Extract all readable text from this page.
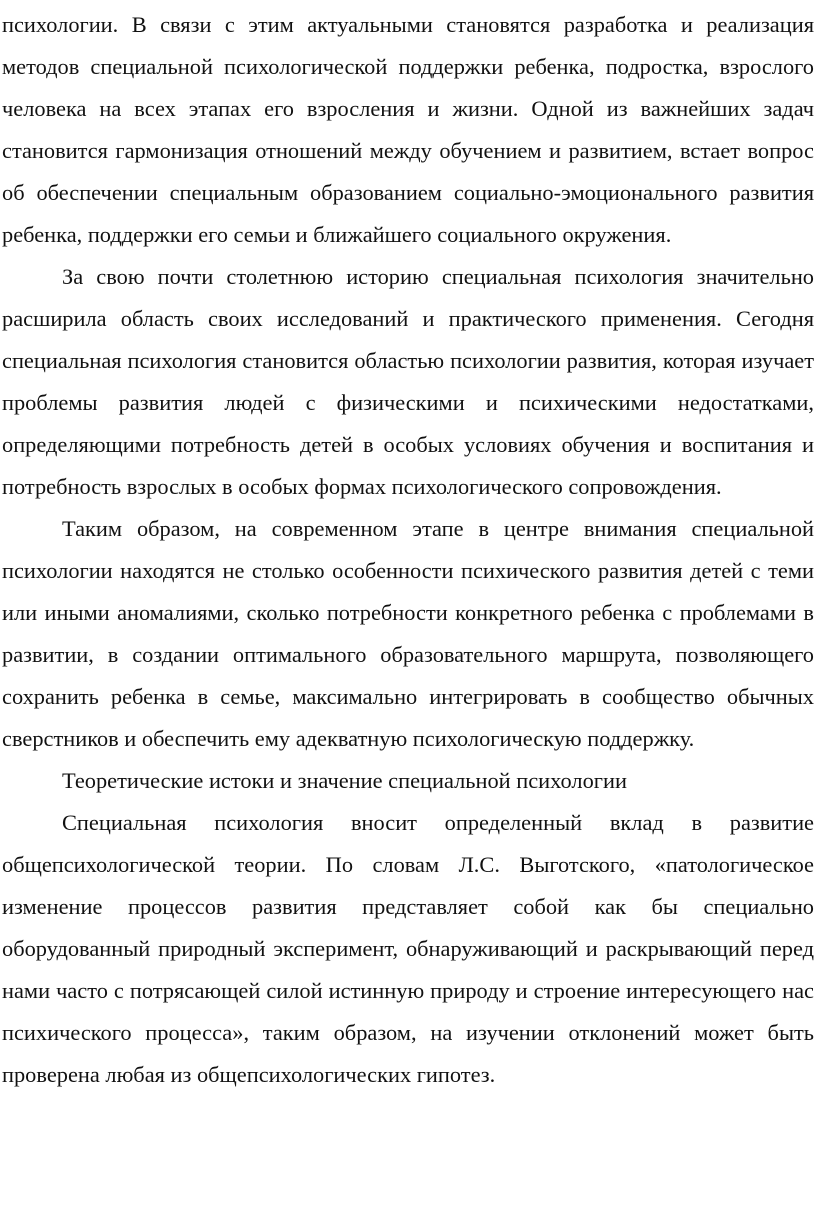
психологии. В связи с этим актуальными становятся разработка и реализация методов специальной психологической поддержки ребенка, подростка, взрослого человека на всех этапах его взросления и жизни. Одной из важнейших задач становится гармонизация отношений между обучением и развитием, встает вопрос об обеспечении специальным образованием социально-эмоционального развития ребенка, поддержки его семьи и ближайшего социального окружения.

За свою почти столетнюю историю специальная психология значительно расширила область своих исследований и практического применения. Сегодня специальная психология становится областью психологии развития, которая изучает проблемы развития людей с физическими и психическими недостатками, определяющими потребность детей в особых условиях обучения и воспитания и потребность взрослых в особых формах психологического сопровождения.

Таким образом, на современном этапе в центре внимания специальной психологии находятся не столько особенности психического развития детей с теми или иными аномалиями, сколько потребности конкретного ребенка с проблемами в развитии, в создании оптимального образовательного маршрута, позволяющего сохранить ребенка в семье, максимально интегрировать в сообщество обычных сверстников и обеспечить ему адекватную психологическую поддержку.

Теоретические истоки и значение специальной психологии

Специальная психология вносит определенный вклад в развитие общепсихологической теории. По словам Л.С. Выготского, «патологическое изменение процессов развития представляет собой как бы специально оборудованный природный эксперимент, обнаруживающий и раскрывающий перед нами часто с потрясающей силой истинную природу и строение интересующего нас психического процесса», таким образом, на изучении отклонений может быть проверена любая из общепсихологических гипотез.
